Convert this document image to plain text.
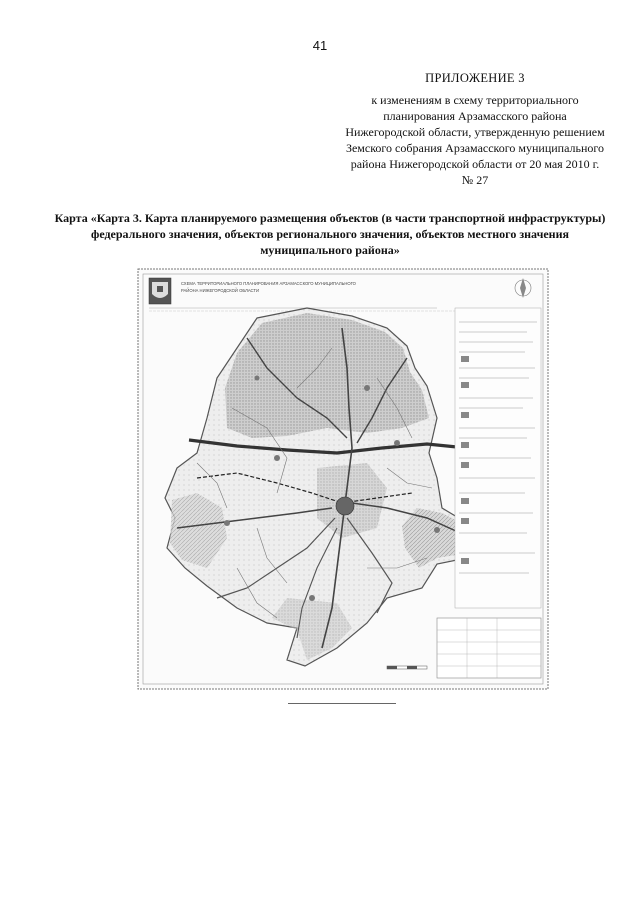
41
ПРИЛОЖЕНИЕ 3
к изменениям в схему территориального планирования Арзамасского района Нижегородской области, утвержденную решением Земского собрания Арзамасского муниципального района Нижегородской области от 20 мая 2010 г. № 27
Карта «Карта 3. Карта планируемого размещения объектов (в части транспортной инфраструктуры) федерального значения, объектов регионального значения, объектов местного значения муниципального района»
СХЕМА ТЕРРИТОРИАЛЬНОГО ПЛАНИРОВАНИЯ АРЗАМАССКОГО МУНИЦИПАЛЬНОГО
РАЙОНА НИЖЕГОРОДСКОЙ ОБЛАСТИ
